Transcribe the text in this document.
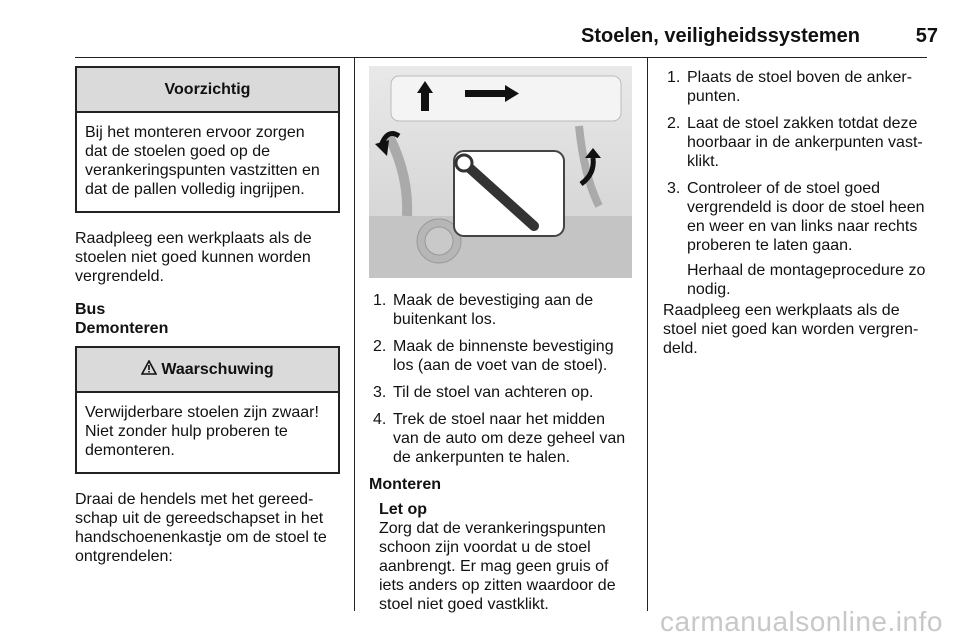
Stoelen, veiligheidssystemen	57
Voorzichtig
Bij het monteren ervoor zorgen dat de stoelen goed op de verankeringspunten vastzitten en dat de pallen volledig ingrijpen.

Raadpleeg een werkplaats als de stoelen niet goed kunnen worden vergrendeld.

Bus

Demonteren

Waarschuwing
Verwijderbare stoelen zijn zwaar! Niet zonder hulp proberen te demonteren.

Draai de hendels met het gereedschap uit de gereedschapset in het handschoenenkastje om de stoel te ontgrendelen:

1. Maak de bevestiging aan de buitenkant los.
2. Maak de binnenste bevestiging los (aan de voet van de stoel).
3. Til de stoel van achteren op.
4. Trek de stoel naar het midden van de auto om deze geheel van de ankerpunten te halen.

Monteren

Let op

Zorg dat de verankeringspunten schoon zijn voordat u de stoel aanbrengt. Er mag geen gruis of iets anders op zitten waardoor de stoel niet goed vastklikt.

1. Plaats de stoel boven de ankerpunten.
2. Laat de stoel zakken totdat deze hoorbaar in de ankerpunten vastklikt.
3. Controleer of de stoel goed vergrendeld is door de stoel heen en weer en van links naar rechts proberen te laten gaan.

Herhaal de montageprocedure zo nodig.

Raadpleeg een werkplaats als de stoel niet goed kan worden vergrendeld.

carmanualsonline.info
